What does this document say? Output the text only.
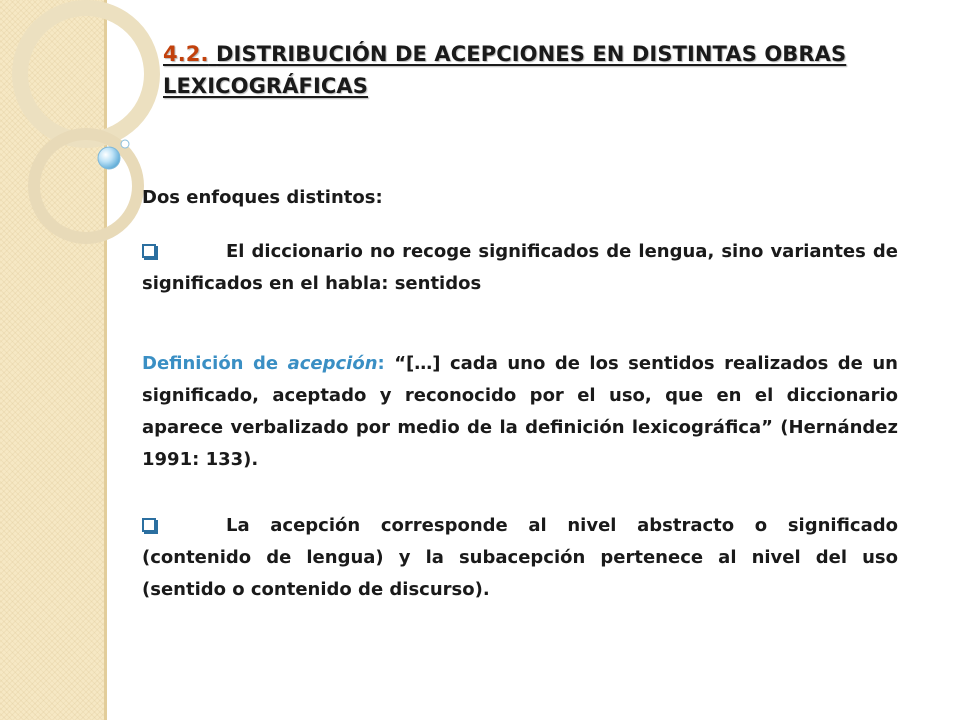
4.2. DISTRIBUCIÓN DE ACEPCIONES EN DISTINTAS OBRAS LEXICOGRÁFICAS

Dos enfoques distintos:

El diccionario no recoge significados de lengua, sino variantes de significados en el habla: sentidos

Definición de acepción: “[…] cada uno de los sentidos realizados de un significado, aceptado y reconocido por el uso, que en el diccionario aparece verbalizado por medio de la definición lexicográfica” (Hernández 1991: 133).

La acepción corresponde al nivel abstracto o significado (contenido de lengua) y la subacepción pertenece al nivel del uso (sentido o contenido de discurso).
